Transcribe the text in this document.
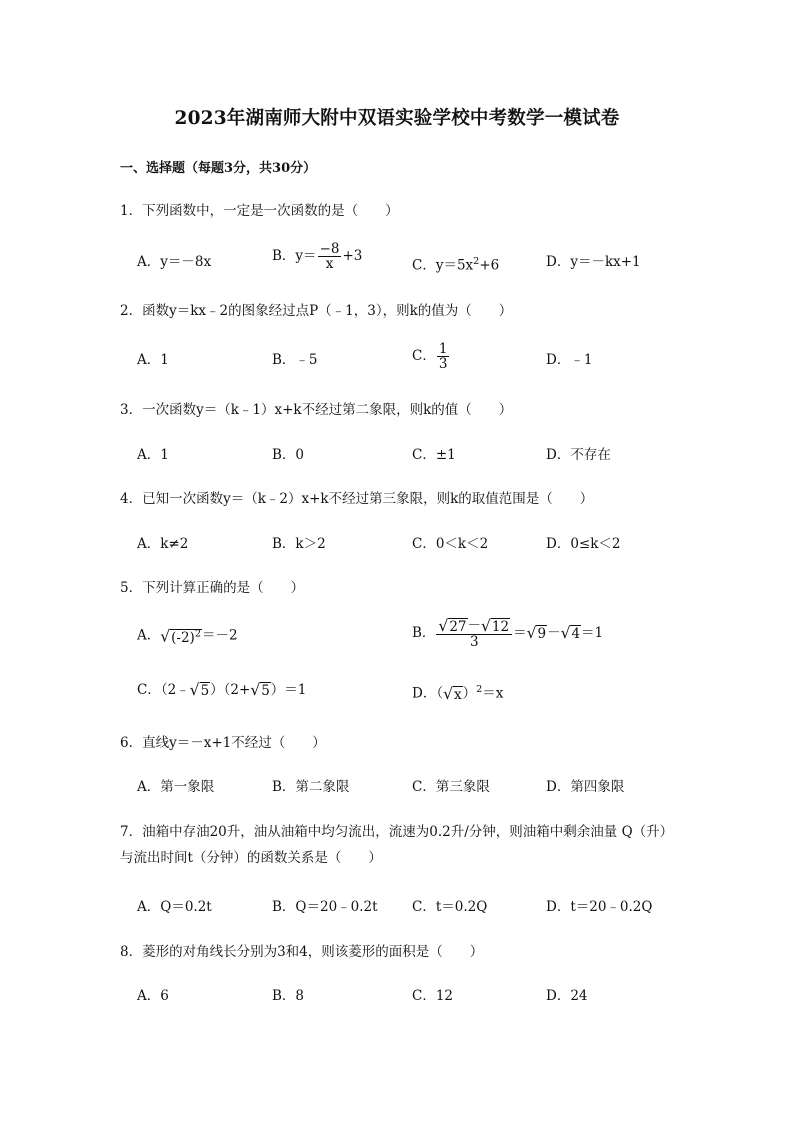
2023年湖南师大附中双语实验学校中考数学一模试卷
一、选择题（每题3分，共30分）
1．下列函数中，一定是一次函数的是（　　）
A．y＝－8x	B．$y= \frac{-8}{x} +3$
C．$y=5x^2+6$	D．y＝－kx+1
2．函数y＝kx﹣2的图象经过点P（﹣1，3），则k的值为（　　）
A．1	B．﹣5	C． $\frac{1}{3}$	D．﹣1
3．一次函数y＝（k﹣1）x+k不经过第二象限，则k的值（　　）
A．1	B．0	C．±1	D．不存在
4．已知一次函数y＝（k﹣2）x+k不经过第三象限，则k的取值范围是（　　）
A．k≠2	B．k＞2	C．0＜k＜2	D．0≤k＜2
5．下列计算正确的是（　　）
A．$√(-2)^2=-2$	B． $\frac{√27-√12}{3} =√9-√4=1$
C．（2﹣√5）（2+√5）＝1	D．$(√x)^2=x$
6．直线y＝－x+1不经过（　　）
A．第一象限	B．第二象限	C．第三象限	D．第四象限
7．油箱中存油20升，油从油箱中均匀流出，流速为0.2升/分钟，则油箱中剩余油量 Q（升）与流出时间t（分钟）的函数关系是（　　）
A．Q＝0.2t	B．Q＝20﹣0.2t	C．t＝0.2Q	D．t＝20﹣0.2Q
8．菱形的对角线长分别为3和4，则该菱形的面积是（　　）
A．6	B．8	C．12	D．24
